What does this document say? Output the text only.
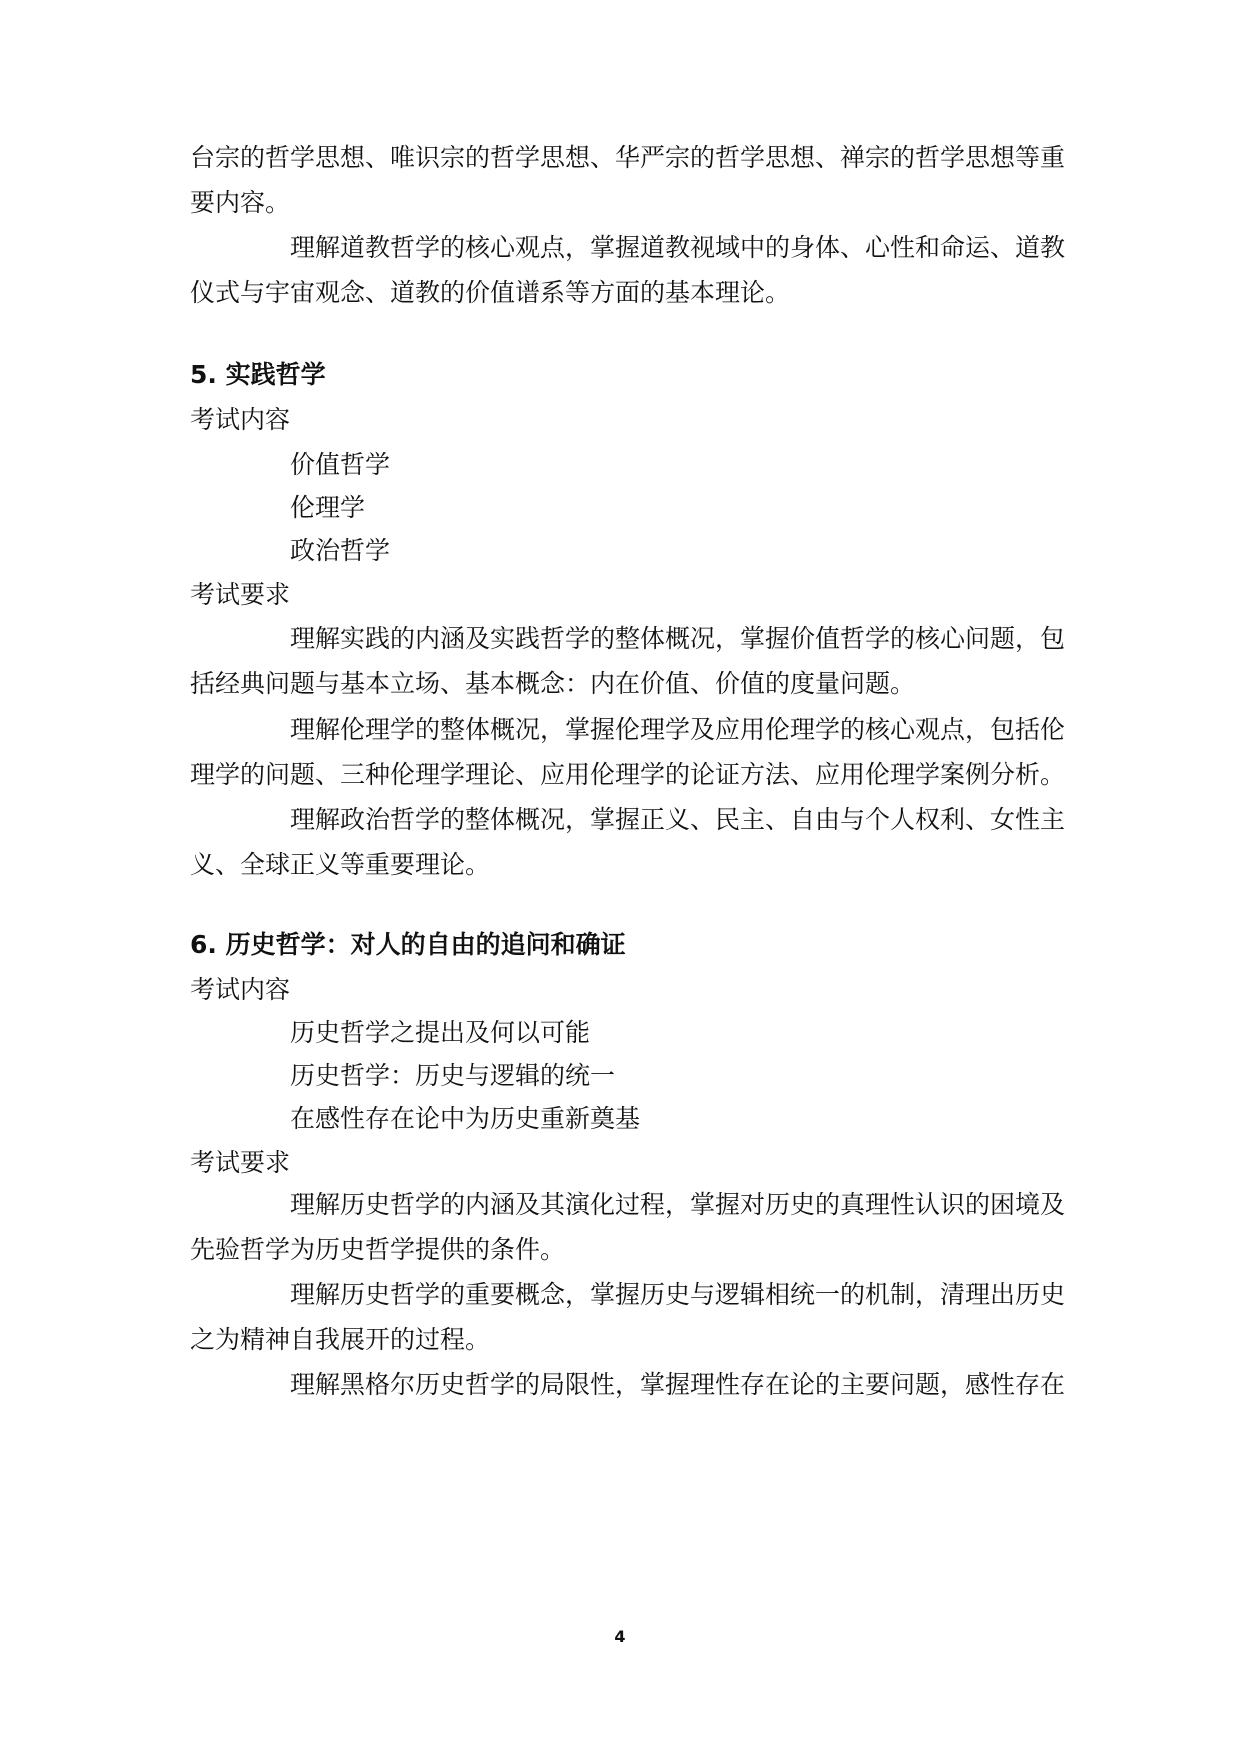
台宗的哲学思想、唯识宗的哲学思想、华严宗的哲学思想、禅宗的哲学思想等重
要内容。
理解道教哲学的核心观点，掌握道教视域中的身体、心性和命运、道教
仪式与宇宙观念、道教的价值谱系等方面的基本理论。
5. 实践哲学
考试内容
价值哲学
伦理学
政治哲学
考试要求
理解实践的内涵及实践哲学的整体概况，掌握价值哲学的核心问题，包
括经典问题与基本立场、基本概念：内在价值、价值的度量问题。
理解伦理学的整体概况，掌握伦理学及应用伦理学的核心观点，包括伦
理学的问题、三种伦理学理论、应用伦理学的论证方法、应用伦理学案例分析。
理解政治哲学的整体概况，掌握正义、民主、自由与个人权利、女性主
义、全球正义等重要理论。
6. 历史哲学：对人的自由的追问和确证
考试内容
历史哲学之提出及何以可能
历史哲学：历史与逻辑的统一
在感性存在论中为历史重新奠基
考试要求
理解历史哲学的内涵及其演化过程，掌握对历史的真理性认识的困境及
先验哲学为历史哲学提供的条件。
理解历史哲学的重要概念，掌握历史与逻辑相统一的机制，清理出历史
之为精神自我展开的过程。
理解黑格尔历史哲学的局限性，掌握理性存在论的主要问题，感性存在
4
